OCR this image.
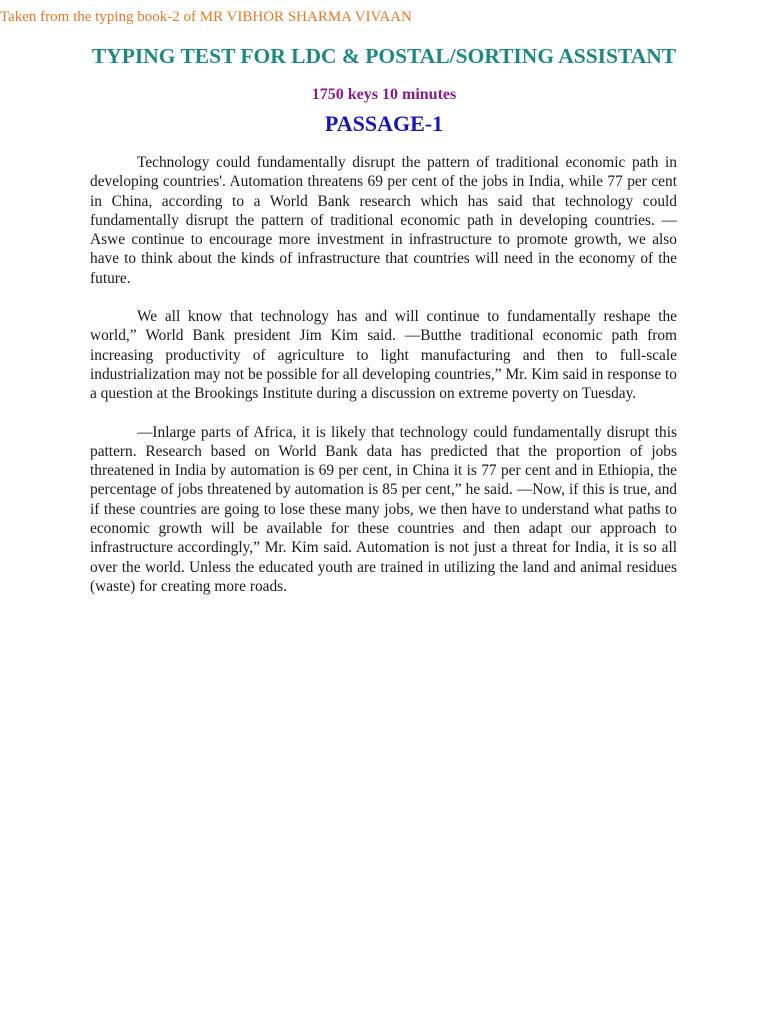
Taken from the typing book-2 of MR VIBHOR SHARMA VIVAAN
TYPING TEST FOR LDC & POSTAL/SORTING ASSISTANT
1750 keys 10 minutes
PASSAGE-1

Technology could fundamentally disrupt the pattern of traditional economic path in developing countries'. Automation threatens 69 per cent of the jobs in India, while 77 per cent in China, according to a World Bank research which has said that technology could fundamentally disrupt the pattern of traditional economic path in developing countries. —Aswe continue to encourage more investment in infrastructure to promote growth, we also have to think about the kinds of infrastructure that countries will need in the economy of the future.

We all know that technology has and will continue to fundamentally reshape the world,” World Bank president Jim Kim said. —Butthe traditional economic path from increasing productivity of agriculture to light manufacturing and then to full-scale industrialization may not be possible for all developing countries,” Mr. Kim said in response to a question at the Brookings Institute during a discussion on extreme poverty on Tuesday.

—Inlarge parts of Africa, it is likely that technology could fundamentally disrupt this pattern. Research based on World Bank data has predicted that the proportion of jobs threatened in India by automation is 69 per cent, in China it is 77 per cent and in Ethiopia, the percentage of jobs threatened by automation is 85 per cent,” he said. —Now, if this is true, and if these countries are going to lose these many jobs, we then have to understand what paths to economic growth will be available for these countries and then adapt our approach to infrastructure accordingly,” Mr. Kim said. Automation is not just a threat for India, it is so all over the world. Unless the educated youth are trained in utilizing the land and animal residues (waste) for creating more roads.
